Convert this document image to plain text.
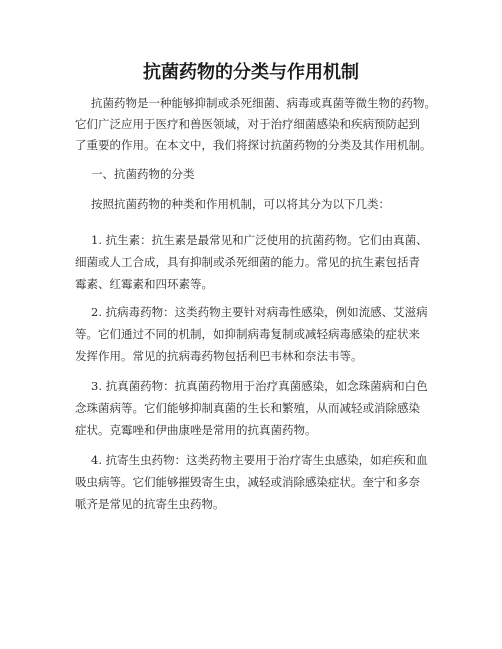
抗菌药物的分类与作用机制
抗菌药物是一种能够抑制或杀死细菌、病毒或真菌等微生物的药物。
它们广泛应用于医疗和兽医领域，对于治疗细菌感染和疾病预防起到
了重要的作用。在本文中，我们将探讨抗菌药物的分类及其作用机制。
一、抗菌药物的分类
按照抗菌药物的种类和作用机制，可以将其分为以下几类：
1. 抗生素：抗生素是最常见和广泛使用的抗菌药物。它们由真菌、
细菌或人工合成，具有抑制或杀死细菌的能力。常见的抗生素包括青
霉素、红霉素和四环素等。
2. 抗病毒药物：这类药物主要针对病毒性感染，例如流感、艾滋病
等。它们通过不同的机制，如抑制病毒复制或减轻病毒感染的症状来
发挥作用。常见的抗病毒药物包括利巴韦林和奈法韦等。
3. 抗真菌药物：抗真菌药物用于治疗真菌感染，如念珠菌病和白色
念珠菌病等。它们能够抑制真菌的生长和繁殖，从而减轻或消除感染
症状。克霉唑和伊曲康唑是常用的抗真菌药物。
4. 抗寄生虫药物：这类药物主要用于治疗寄生虫感染，如疟疾和血
吸虫病等。它们能够摧毁寄生虫，减轻或消除感染症状。奎宁和多奈
哌齐是常见的抗寄生虫药物。
